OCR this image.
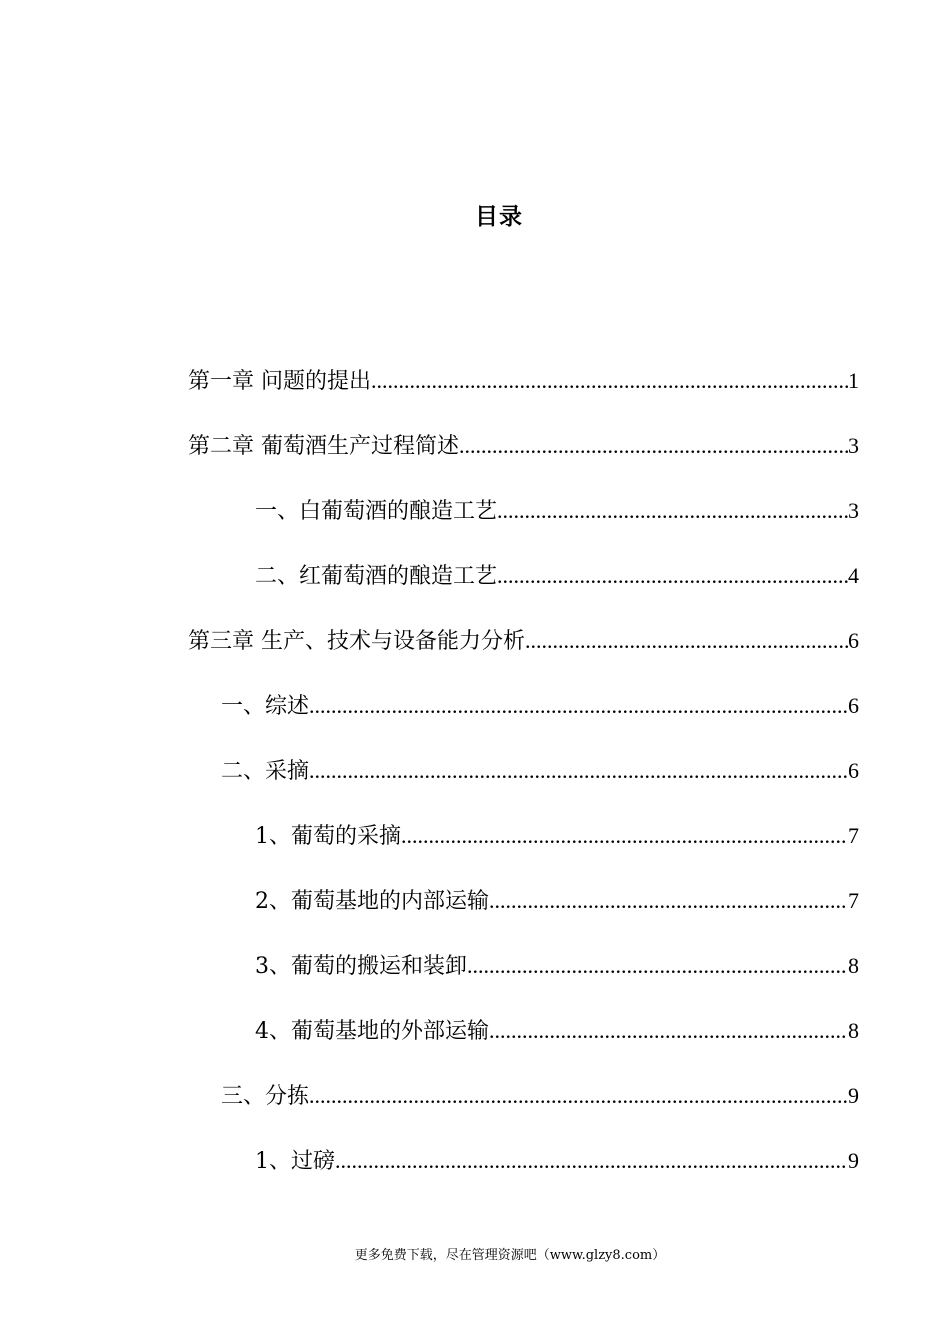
目录
第一章 问题的提出 .....	1
第二章 葡萄酒生产过程简述 .....	3
一、白葡萄酒的酿造工艺 .....	3
二、红葡萄酒的酿造工艺 .....	4
第三章 生产、技术与设备能力分析 .....	6
一、综述 .....	6
二、采摘 .....	6
1、葡萄的采摘 .....	7
2、葡萄基地的内部运输 .....	7
3、葡萄的搬运和装卸 .....	8
4、葡萄基地的外部运输 .....	8
三、分拣 .....	9
1、过磅 .....	9
更多免费下载，尽在管理资源吧（www.glzy8.com）
